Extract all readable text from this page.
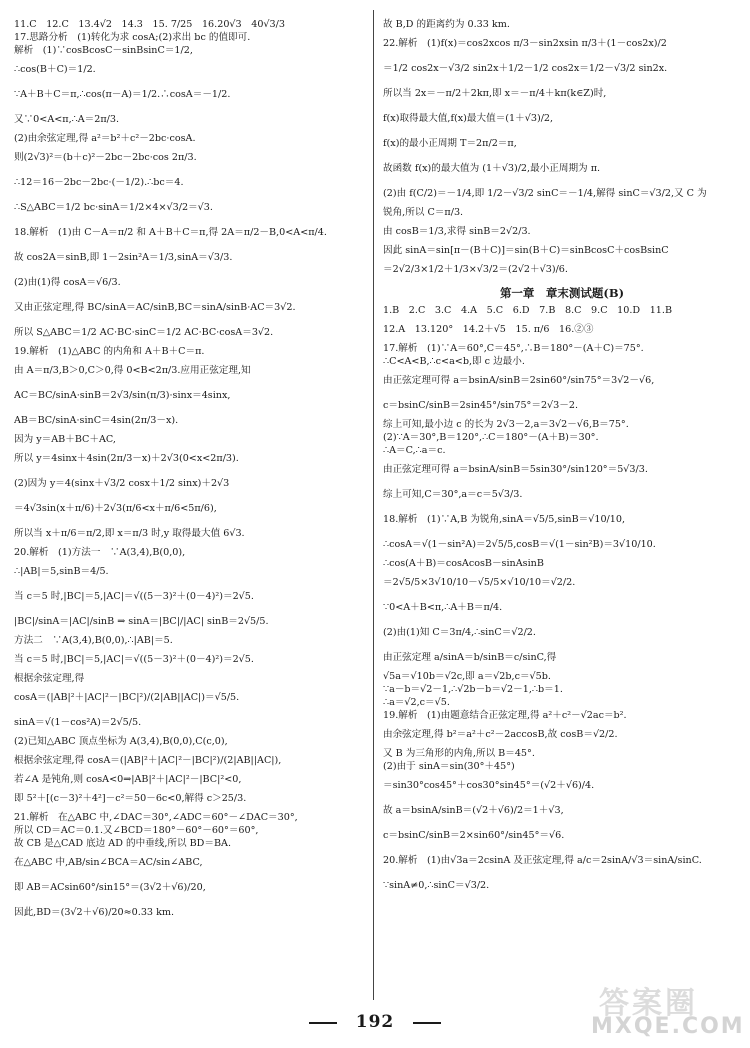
11.C　12.C　13.4√2　14.3　15. 7/25　16.20√3　40√3/3
17.思路分析　(1)转化为求 cosA;(2)求出 bc 的值即可.
解析　(1)∵cosBcosC－sinBsinC＝1/2,
∴cos(B＋C)＝1/2.
∵A＋B＋C＝π,∴cos(π－A)＝1/2.∴cosA＝－1/2.
又∵0<A<π,∴A＝2π/3.
(2)由余弦定理,得 a²＝b²＋c²－2bc·cosA.
则(2√3)²＝(b＋c)²－2bc－2bc·cos 2π/3.
∴12＝16－2bc－2bc·(－1/2).∴bc＝4.
∴S△ABC＝1/2 bc·sinA＝1/2×4×√3/2＝√3.
18.解析　(1)由 C－A＝π/2 和 A＋B＋C＝π,得 2A＝π/2－B,0<A<π/4.
故 cos2A＝sinB,即 1－2sin²A＝1/3,sinA＝√3/3.
(2)由(1)得 cosA＝√6/3.
又由正弦定理,得 BC/sinA＝AC/sinB,BC＝sinA/sinB·AC＝3√2.
所以 S△ABC＝1/2 AC·BC·sinC＝1/2 AC·BC·cosA＝3√2.
19.解析　(1)△ABC 的内角和 A＋B＋C＝π.
由 A＝π/3,B＞0,C＞0,得 0<B<2π/3.应用正弦定理,知
AC＝BC/sinA·sinB＝2√3/sin(π/3)·sinx＝4sinx,
AB＝BC/sinA·sinC＝4sin(2π/3－x).
因为 y＝AB＋BC＋AC,
所以 y＝4sinx＋4sin(2π/3－x)＋2√3(0<x<2π/3).
(2)因为 y＝4(sinx＋√3/2 cosx＋1/2 sinx)＋2√3
＝4√3sin(x＋π/6)＋2√3(π/6<x＋π/6<5π/6),
所以当 x＋π/6＝π/2,即 x＝π/3 时,y 取得最大值 6√3.
20.解析　(1)方法一　∵A(3,4),B(0,0),
∴|AB|＝5,sinB＝4/5.
当 c＝5 时,|BC|＝5,|AC|＝√((5－3)²＋(0－4)²)＝2√5.
|BC|/sinA＝|AC|/sinB ⇒ sinA＝|BC|/|AC| sinB＝2√5/5.
方法二　∵A(3,4),B(0,0),∴|AB|＝5.
当 c＝5 时,|BC|＝5,|AC|＝√((5－3)²＋(0－4)²)＝2√5.
根据余弦定理,得
cosA＝(|AB|²＋|AC|²－|BC|²)/(2|AB||AC|)＝√5/5.
sinA＝√(1－cos²A)＝2√5/5.
(2)已知△ABC 顶点坐标为 A(3,4),B(0,0),C(c,0),
根据余弦定理,得 cosA＝(|AB|²＋|AC|²－|BC|²)/(2|AB||AC|),
若∠A 是钝角,则 cosA<0⇒|AB|²＋|AC|²－|BC|²<0,
即 5²＋[(c－3)²＋4²]－c²＝50－6c<0,解得 c＞25/3.
21.解析　在△ABC 中,∠DAC＝30°,∠ADC＝60°－∠DAC＝30°,
所以 CD＝AC＝0.1.又∠BCD＝180°－60°－60°＝60°,
故 CB 是△CAD 底边 AD 的中垂线,所以 BD＝BA.
在△ABC 中,AB/sin∠BCA＝AC/sin∠ABC,
即 AB＝ACsin60°/sin15°＝(3√2＋√6)/20,
因此,BD＝(3√2＋√6)/20≈0.33 km.
故 B,D 的距离约为 0.33 km.
22.解析　(1)f(x)＝cos2xcos π/3－sin2xsin π/3＋(1－cos2x)/2
＝1/2 cos2x－√3/2 sin2x＋1/2－1/2 cos2x＝1/2－√3/2 sin2x.
所以当 2x＝－π/2＋2kπ,即 x＝－π/4＋kπ(k∈Z)时,
f(x)取得最大值,f(x)最大值＝(1＋√3)/2,
f(x)的最小正周期 T＝2π/2＝π,
故函数 f(x)的最大值为 (1＋√3)/2,最小正周期为 π.
(2)由 f(C/2)＝－1/4,即 1/2－√3/2 sinC＝－1/4,解得 sinC＝√3/2,又 C 为
锐角,所以 C＝π/3.
由 cosB＝1/3,求得 sinB＝2√2/3.
因此 sinA＝sin[π－(B＋C)]＝sin(B＋C)＝sinBcosC＋cosBsinC
＝2√2/3×1/2＋1/3×√3/2＝(2√2＋√3)/6.
第一章　章末测试题(B)
1.B　2.C　3.C　4.A　5.C　6.D　7.B　8.C　9.C　10.D　11.B
12.A　13.120°　14.2＋√5　15. π/6　16.②③
17.解析　(1)∵A＝60°,C＝45°,∴B＝180°－(A＋C)＝75°.
∴C<A<B,∴c<a<b,即 c 边最小.
由正弦定理可得 a＝bsinA/sinB＝2sin60°/sin75°＝3√2－√6,
c＝bsinC/sinB＝2sin45°/sin75°＝2√3－2.
综上可知,最小边 c 的长为 2√3－2,a＝3√2－√6,B＝75°.
(2)∵A＝30°,B＝120°,∴C＝180°－(A＋B)＝30°.
∴A＝C,∴a＝c.
由正弦定理可得 a＝bsinA/sinB＝5sin30°/sin120°＝5√3/3.
综上可知,C＝30°,a＝c＝5√3/3.
18.解析　(1)∵A,B 为锐角,sinA＝√5/5,sinB＝√10/10,
∴cosA＝√(1－sin²A)＝2√5/5,cosB＝√(1－sin²B)＝3√10/10.
∴cos(A＋B)＝cosAcosB－sinAsinB
＝2√5/5×3√10/10－√5/5×√10/10＝√2/2.
∵0<A＋B<π,∴A＋B＝π/4.
(2)由(1)知 C＝3π/4,∴sinC＝√2/2.
由正弦定理 a/sinA＝b/sinB＝c/sinC,得
√5a＝√10b＝√2c,即 a＝√2b,c＝√5b.
∵a－b＝√2－1,∴√2b－b＝√2－1,∴b＝1.
∴a＝√2,c＝√5.
19.解析　(1)由题意结合正弦定理,得 a²＋c²－√2ac＝b².
由余弦定理,得 b²＝a²＋c²－2accosB,故 cosB＝√2/2.
又 B 为三角形的内角,所以 B＝45°.
(2)由于 sinA＝sin(30°＋45°)
＝sin30°cos45°＋cos30°sin45°＝(√2＋√6)/4.
故 a＝bsinA/sinB＝(√2＋√6)/2＝1＋√3,
c＝bsinC/sinB＝2×sin60°/sin45°＝√6.
20.解析　(1)由√3a＝2csinA 及正弦定理,得 a/c＝2sinA/√3＝sinA/sinC.
∵sinA≠0,∴sinC＝√3/2.
192
答案圈
MXQE.COM
